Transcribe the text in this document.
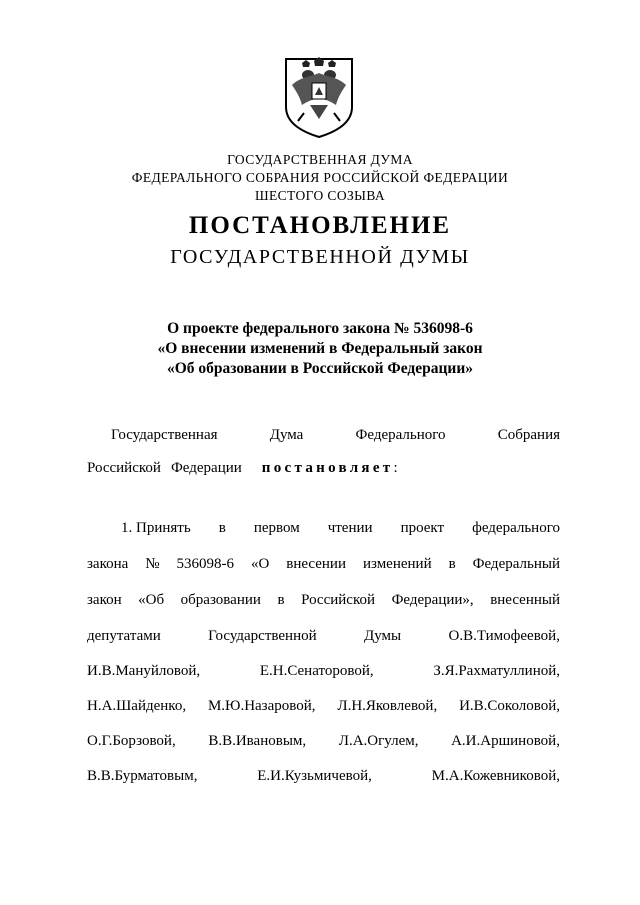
ГОСУДАРСТВЕННАЯ ДУМА
ФЕДЕРАЛЬНОГО СОБРАНИЯ РОССИЙСКОЙ ФЕДЕРАЦИИ
ШЕСТОГО СОЗЫВА
ПОСТАНОВЛЕНИЕ
ГОСУДАРСТВЕННОЙ ДУМЫ
О проекте федерального закона № 536098-6
«О внесении изменений в Федеральный закон
«Об образовании в Российской Федерации»
Государственная	Дума	Федерального	Собрания
Российской Федерации постановляет :
1. Принять в первом чтении проект федерального
закона № 536098-6 «О внесении изменений в Федеральный
закон «Об образовании в Российской Федерации», внесенный
депутатами	Государственной	Думы	О.В.Тимофеевой,
И.В.Мануйловой,	Е.Н.Сенаторовой,	З.Я.Рахматуллиной,
Н.А.Шайденко, М.Ю.Назаровой, Л.Н.Яковлевой, И.В.Соколовой,
О.Г.Борзовой, В.В.Ивановым, Л.А.Огулем, А.И.Аршиновой,
В.В.Бурматовым,	Е.И.Кузьмичевой,	М.А.Кожевниковой,
